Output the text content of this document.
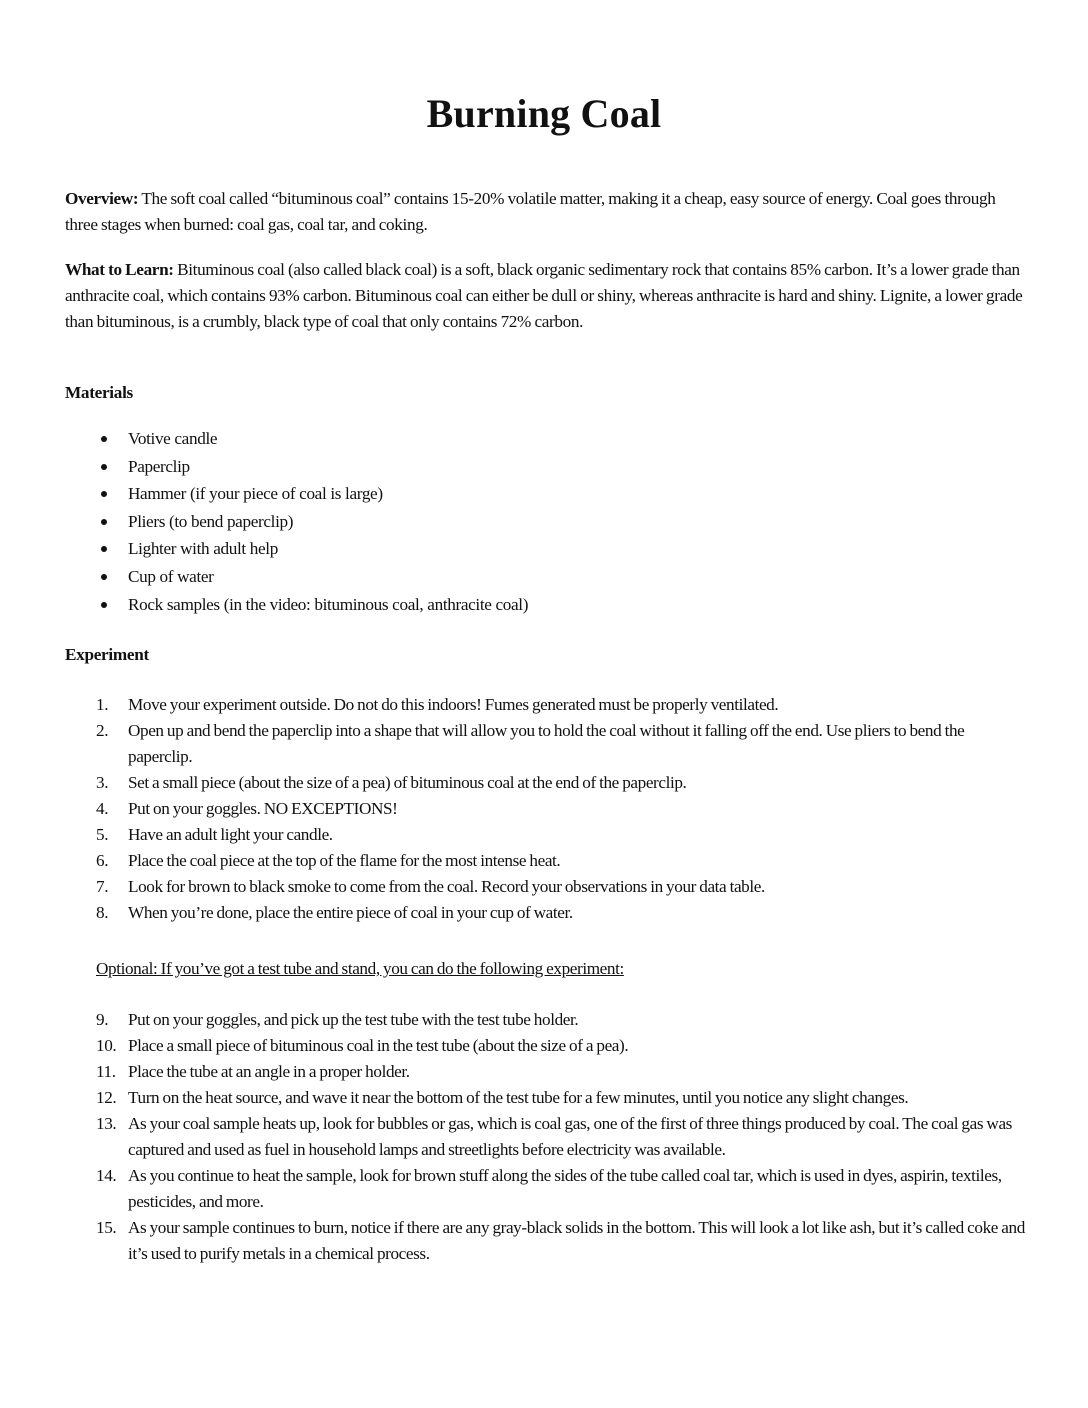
Burning Coal
Overview: The soft coal called “bituminous coal” contains 15-20% volatile matter, making it a cheap, easy source of energy. Coal goes through three stages when burned: coal gas, coal tar, and coking.
What to Learn: Bituminous coal (also called black coal) is a soft, black organic sedimentary rock that contains 85% carbon. It’s a lower grade than anthracite coal, which contains 93% carbon. Bituminous coal can either be dull or shiny, whereas anthracite is hard and shiny. Lignite, a lower grade than bituminous, is a crumbly, black type of coal that only contains 72% carbon.
Materials
Votive candle
Paperclip
Hammer (if your piece of coal is large)
Pliers (to bend paperclip)
Lighter with adult help
Cup of water
Rock samples (in the video: bituminous coal, anthracite coal)
Experiment
1. Move your experiment outside. Do not do this indoors! Fumes generated must be properly ventilated.
2. Open up and bend the paperclip into a shape that will allow you to hold the coal without it falling off the end. Use pliers to bend the paperclip.
3. Set a small piece (about the size of a pea) of bituminous coal at the end of the paperclip.
4. Put on your goggles. NO EXCEPTIONS!
5. Have an adult light your candle.
6. Place the coal piece at the top of the flame for the most intense heat.
7. Look for brown to black smoke to come from the coal. Record your observations in your data table.
8. When you’re done, place the entire piece of coal in your cup of water.
Optional: If you’ve got a test tube and stand, you can do the following experiment:
9. Put on your goggles, and pick up the test tube with the test tube holder.
10. Place a small piece of bituminous coal in the test tube (about the size of a pea).
11. Place the tube at an angle in a proper holder.
12. Turn on the heat source, and wave it near the bottom of the test tube for a few minutes, until you notice any slight changes.
13. As your coal sample heats up, look for bubbles or gas, which is coal gas, one of the first of three things produced by coal. The coal gas was captured and used as fuel in household lamps and streetlights before electricity was available.
14. As you continue to heat the sample, look for brown stuff along the sides of the tube called coal tar, which is used in dyes, aspirin, textiles, pesticides, and more.
15. As your sample continues to burn, notice if there are any gray-black solids in the bottom. This will look a lot like ash, but it’s called coke and it’s used to purify metals in a chemical process.
